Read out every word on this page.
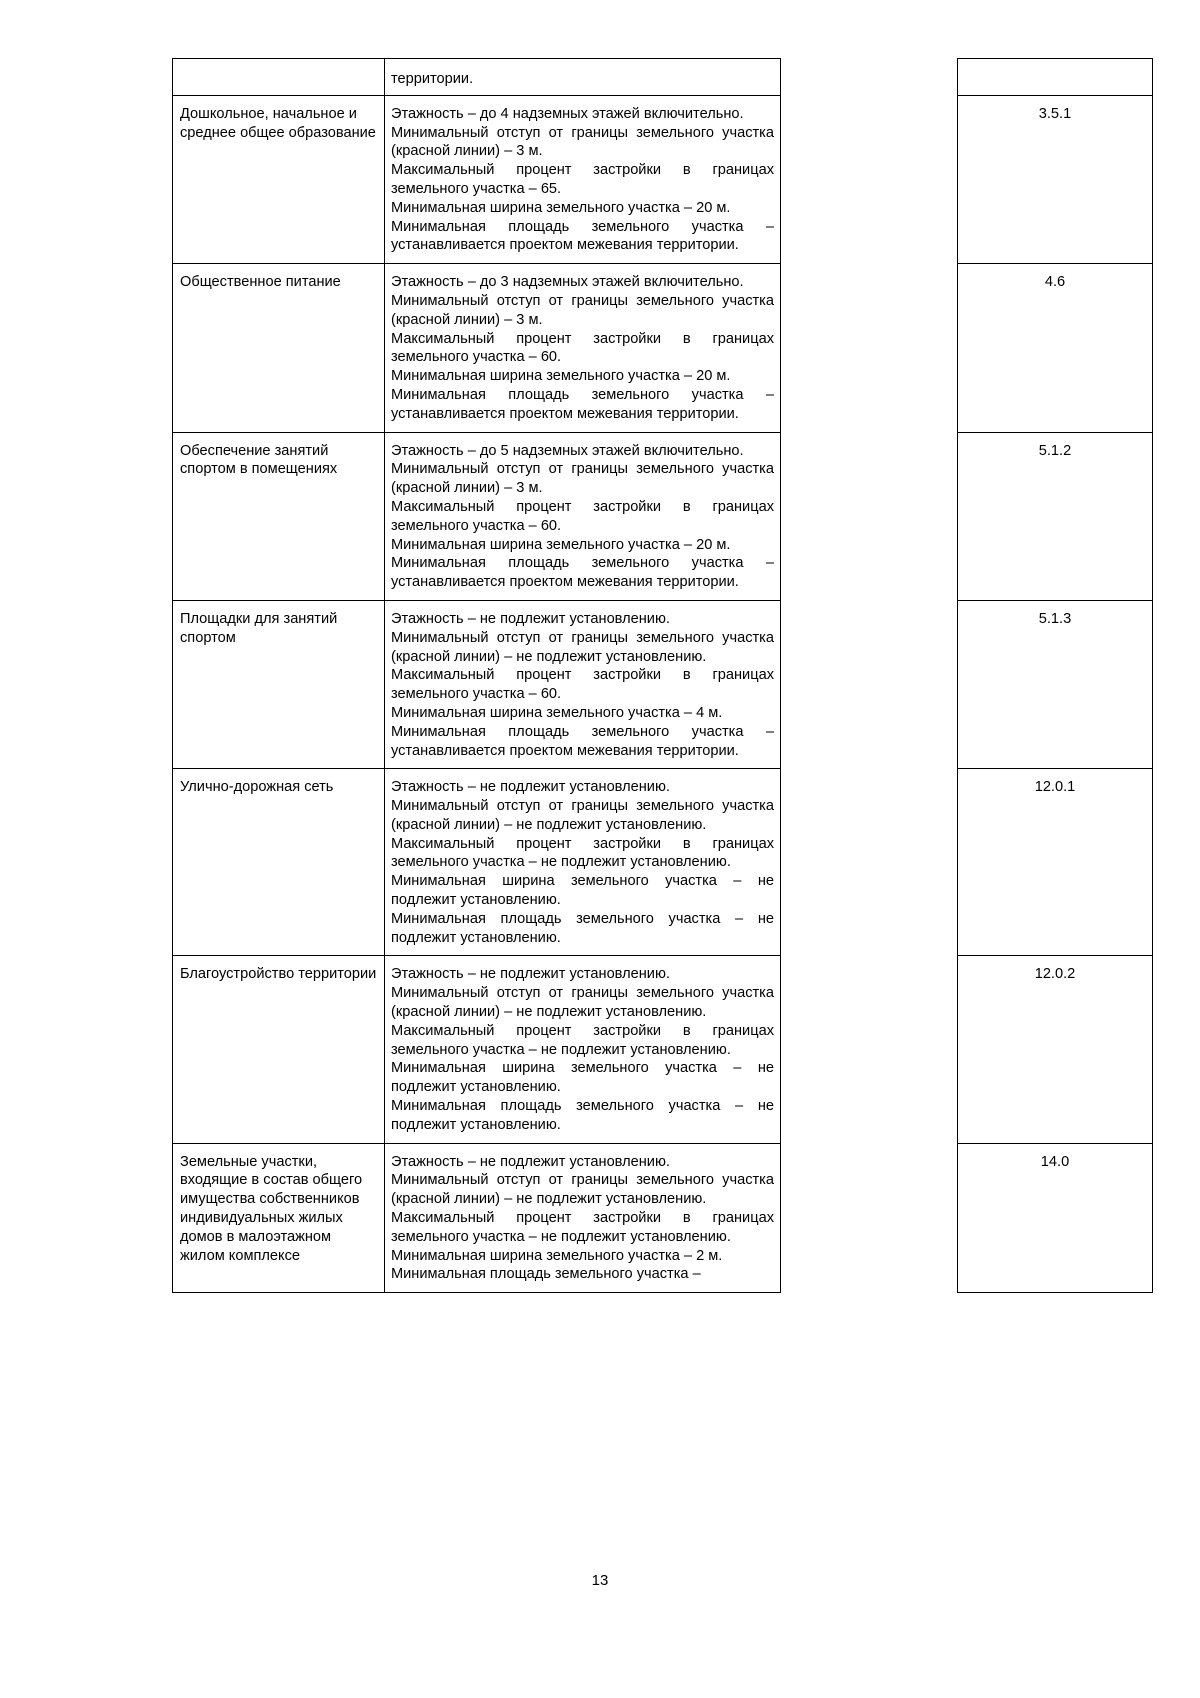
	территории.		

Дошкольное, начальное и среднее общее образование	Этажность – до 4 надземных этажей включительно.

Минимальный отступ от границы земельного участка (красной линии) – 3 м.

Максимальный процент застройки в границах земельного участка – 65.

Минимальная ширина земельного участка – 20 м.

Минимальная площадь земельного участка – устанавливается проектом межевания территории.		3.5.1
Общественное питание	Этажность – до 3 надземных этажей включительно.

Минимальный отступ от границы земельного участка (красной линии) – 3 м.

Максимальный процент застройки в границах земельного участка – 60.

Минимальная ширина земельного участка – 20 м.

Минимальная площадь земельного участка – устанавливается проектом межевания территории.		4.6
Обеспечение занятий спортом в помещениях	Этажность – до 5 надземных этажей включительно.

Минимальный отступ от границы земельного участка (красной линии) – 3 м.

Максимальный процент застройки в границах земельного участка – 60.

Минимальная ширина земельного участка – 20 м.

Минимальная площадь земельного участка – устанавливается проектом межевания территории.		5.1.2
Площадки для занятий спортом	Этажность – не подлежит установлению.

Минимальный отступ от границы земельного участка (красной линии) – не подлежит установлению.

Максимальный процент застройки в границах земельного участка – 60.

Минимальная ширина земельного участка – 4 м.

Минимальная площадь земельного участка – устанавливается проектом межевания территории.		5.1.3
Улично-дорожная сеть	Этажность – не подлежит установлению.

Минимальный отступ от границы земельного участка (красной линии) – не подлежит установлению.

Максимальный процент застройки в границах земельного участка – не подлежит установлению.

Минимальная ширина земельного участка – не подлежит установлению.

Минимальная площадь земельного участка – не подлежит установлению.		12.0.1
Благоустройство территории	Этажность – не подлежит установлению.

Минимальный отступ от границы земельного участка (красной линии) – не подлежит установлению.

Максимальный процент застройки в границах земельного участка – не подлежит установлению.

Минимальная ширина земельного участка – не подлежит установлению.

Минимальная площадь земельного участка – не подлежит установлению.		12.0.2
Земельные участки, входящие в состав общего имущества собственников индивидуальных жилых домов в малоэтажном жилом комплексе	Этажность – не подлежит установлению.

Минимальный отступ от границы земельного участка (красной линии) – не подлежит установлению.

Максимальный процент застройки в границах земельного участка – не подлежит установлению.

Минимальная ширина земельного участка – 2 м.

Минимальная площадь земельного участка –		14.0
13
